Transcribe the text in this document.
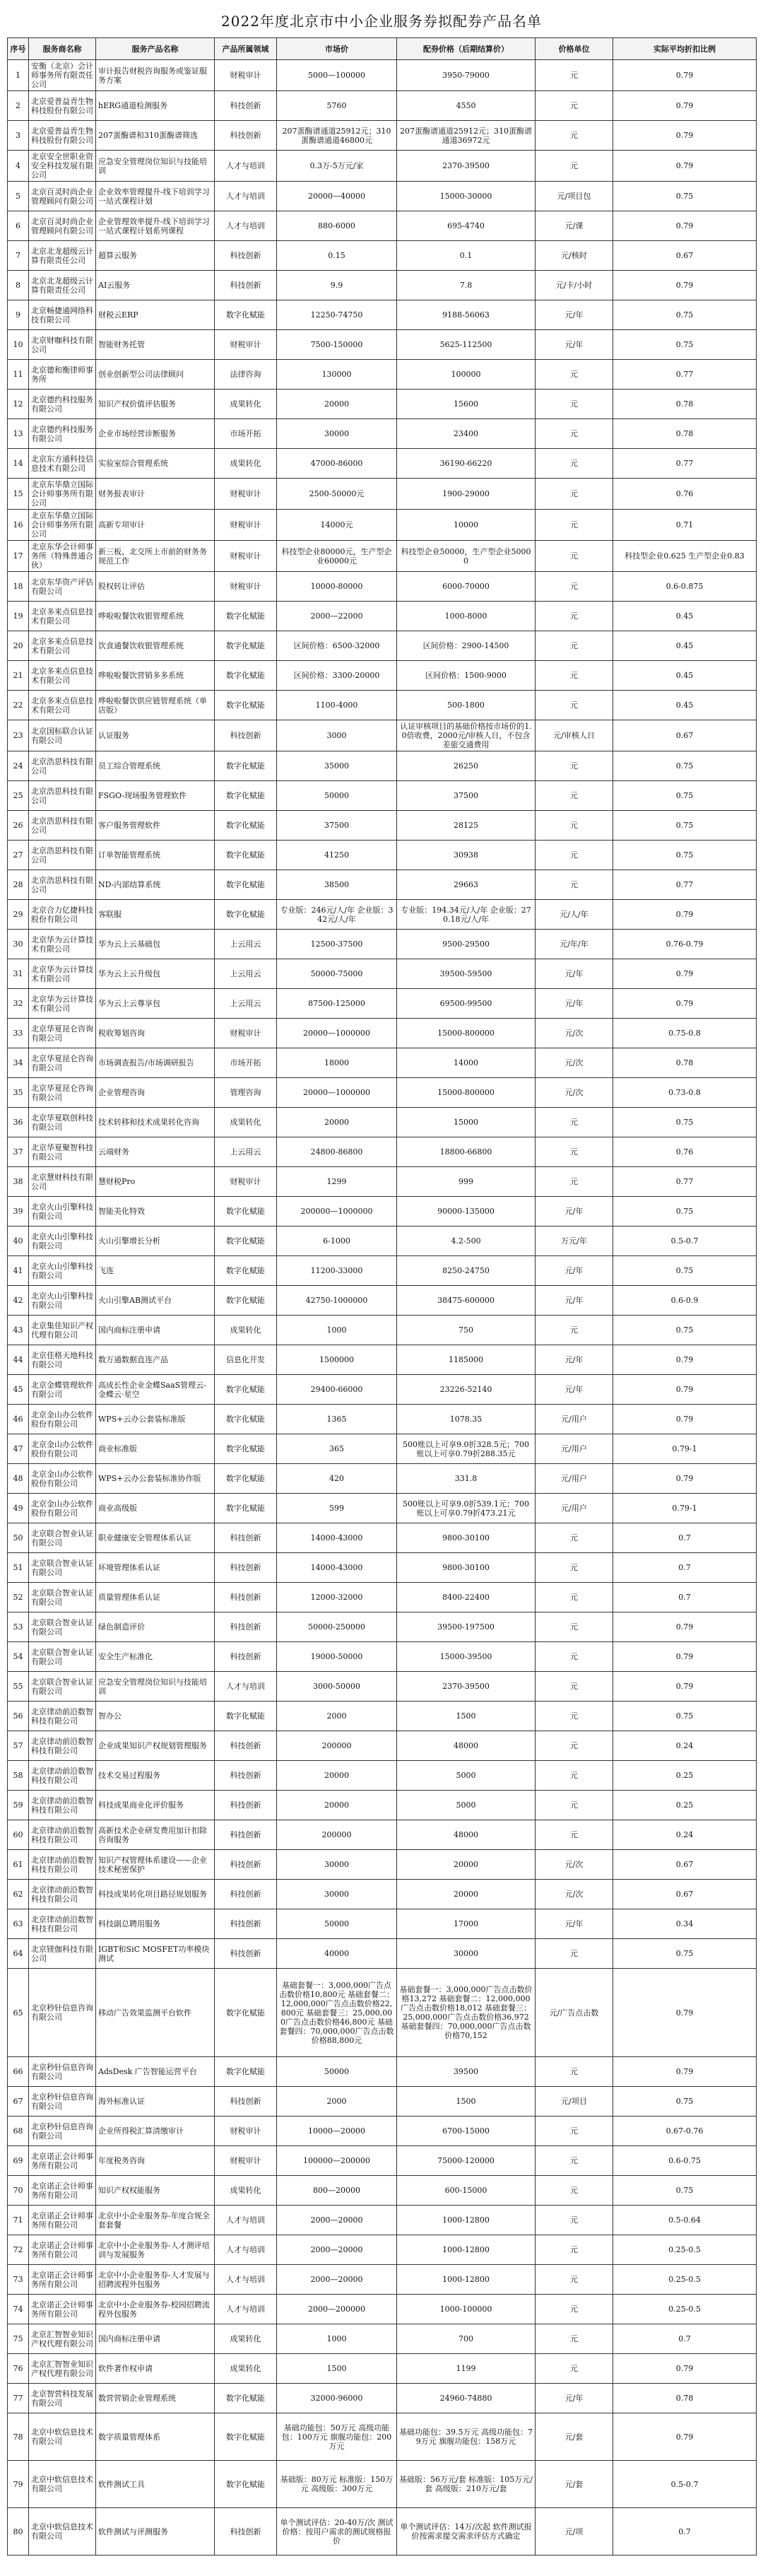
2022年度北京市中小企业服务券拟配券产品名单
序号	服务商名称	服务产品名称	产品所属领域	市场价	配券价格（后期结算价）	价格单位	实际平均折扣比例
1	安衡（北京）会计师事务所有限责任公司	审计报告财税咨询服务或鉴证服务方案	财税审计	5000—100000	3950-79000	元	0.79
2	北京爱普益青生物科技股份有限公司	hERG通道检测服务	科技创新	5760	4550	元	0.79
3	北京爱普益青生物科技股份有限公司	207蛋酶谱和310蛋酶谱筛选	科技创新	207蛋酶谱通道25912元；310蛋酶谱通道46800元	207蛋酶谱通道25912元；310蛋酶谱通道36972元	元	0.79
4	北京安全世职业资安全科技发展有限公司	应急安全管理岗位知识与技能培训	人才与培训	0.3万-5万元/家	2370-39500	元	0.79
5	北京百灵时尚企业管理顾问有限公司	企业效率管理提升-线下培训学习一站式课程计划	人才与培训	20000—40000	15000-30000	元/项目包	0.75
6	北京百灵时尚企业管理顾问有限公司	企业管理效率提升-线下培训学习一站式课程计划系列课程	人才与培训	880-6000	695-4740	元/课	0.79
7	北京北龙超级云计算有限责任公司	超算云服务	科技创新	0.15	0.1	元/核时	0.67
8	北京北龙超级云计算有限责任公司	AI云服务	科技创新	9.9	7.8	元/卡/小时	0.79
9	北京畅捷通网络科技有限公司	财税云ERP	数字化赋能	12250-74750	9188-56063	元/年	0.75
10	北京财咖科技有限公司	智能财务托管	财税审计	7500-150000	5625-112500	元/年	0.75
11	北京德和衡律师事务所	创业创新型公司法律顾问	法律咨询	130000	100000	元	0.77
12	北京德约科技服务有限公司	知识产权价值评估服务	成果转化	20000	15600	元	0.78
13	北京德约科技服务有限公司	企业市场经营诊断服务	市场开拓	30000	23400	元	0.78
14	北京东方通科技信息技术有限公司	实验室综合管理系统	成果转化	47000-86000	36190-66220	元	0.77
15	北京东华鼎立国际会计师事务所有限公司	财务报表审计	财税审计	2500-50000元	1900-29000	元	0.76
16	北京东华鼎立国际会计师事务所有限公司	高新专项审计	财税审计	14000元	10000	元	0.71
17	北京东华会计师事务所（特殊普通合伙）	新三板、北交所上市前的财务务规范工作	财税审计	科技型企业80000元，生产型企业60000元	科技型企业50000，生产型企业50000	元	科技型企业0.625 生产型企业0.83
18	北京东华资产评估有限公司	股权转让评估	财税审计	10000-80000	6000-70000	元	0.6-0.875
19	北京多来点信息技术有限公司	哗啦啦餐饮收银管理系统	数字化赋能	2000—22000	1000-8000	元	0.45
20	北京多来点信息技术有限公司	饮食通餐饮收银管理系统	数字化赋能	区间价格：6500-32000	区间价格：2900-14500	元	0.45
21	北京多来点信息技术有限公司	哗啦啦餐饮营销多多系统	数字化赋能	区间价格：3300-20000	区间价格：1500-9000	元	0.45
22	北京多来点信息技术有限公司	哗啦啦餐饮供应链管理系统（单店版）	数字化赋能	1100-4000	500-1800	元	0.45
23	北京国标联合认证有限公司	认证服务	科技创新	3000	认证审核项目的基础价格按市场价的1.0倍收费，2000元/审核人日，不包含差旅交通费用	元/审核人日	0.67
24	北京浩思科技有限公司	员工综合管理系统	数字化赋能	35000	26250	元	0.75
25	北京浩思科技有限公司	FSGO-现场服务管理软件	数字化赋能	50000	37500	元	0.75
26	北京浩思科技有限公司	客户服务管理软件	数字化赋能	37500	28125	元	0.75
27	北京浩思科技有限公司	订单智能管理系统	数字化赋能	41250	30938	元	0.75
28	北京浩思科技有限公司	ND-内部结算系统	数字化赋能	38500	29663	元	0.77
29	北京合力亿捷科技股份有限公司	客联服	数字化赋能	专业版：246元/人/年 企业版：342元/人/年	专业版：194.34元/人/年 企业版：270.18元/人/年	元/人/年	0.79
30	北京华为云计算技术有限公司	华为云上云基础包	上云用云	12500-37500	9500-29500	元/年/年	0.76-0.79
31	北京华为云计算技术有限公司	华为云上云升级包	上云用云	50000-75000	39500-59500	元/年	0.79
32	北京华为云计算技术有限公司	华为云上云尊享包	上云用云	87500-125000	69500-99500	元/年	0.79
33	北京华夏昆仑咨询有限公司	税收筹划咨询	财税审计	20000—1000000	15000-800000	元/次	0.75-0.8
34	北京华夏昆仑咨询有限公司	市场调查报告/市场调研报告	市场开拓	18000	14000	元/次	0.78
35	北京华夏昆仑咨询有限公司	企业管理咨询	管理咨询	20000—1000000	15000-800000	元/次	0.73-0.8
36	北京华夏联创科技有限公司	技术转移和技术成果转化咨询	成果转化	20000	15000	元	0.75
37	北京华夏聚智科技有限公司	云端财务	上云用云	24800-86800	18800-66800	元	0.76
38	北京慧财科技有限公司	慧财税Pro	财税审计	1299	999	元	0.77
39	北京火山引擎科技有限公司	智能美化特效	数字化赋能	200000—1000000	90000-135000	元/年	0.75
40	北京火山引擎科技有限公司	火山引擎增长分析	数字化赋能	6-1000	4.2-500	万元/年	0.5-0.7
41	北京火山引擎科技有限公司	飞连	数字化赋能	11200-33000	8250-24750	元/年	0.75
42	北京火山引擎科技有限公司	火山引擎AB测试平台	数字化赋能	42750-1000000	38475-600000	元/年	0.6-0.9
43	北京集佳知识产权代理有限公司	国内商标注册申请	成果转化	1000	750	元	0.75
44	北京佳格天地科技有限公司	数万通数据直连产品	信息化开发	1500000	1185000	元/年	0.79
45	北京金蝶管理软件有限公司	高成长性企业金蝶SaaS管理云-金蝶云·星空	数字化赋能	29400-66000	23226-52140	元/年	0.79
46	北京金山办公软件股份有限公司	WPS+云办公套装标准版	数字化赋能	1365	1078.35	元/用户	0.79
47	北京金山办公软件股份有限公司	商业标准版	数字化赋能	365	500账以上可享9.0折328.5元；700账以上可享0.79折288.35元	元/用户	0.79-1
48	北京金山办公软件股份有限公司	WPS+云办公套装标准协作版	数字化赋能	420	331.8	元/用户	0.79
49	北京金山办公软件股份有限公司	商业高级版	数字化赋能	599	500账以上可享9.0折539.1元；700账以上可享0.79折473.21元	元/用户	0.79-1
50	北京联合智业认证有限公司	职业健康安全管理体系认证	科技创新	14000-43000	9800-30100	元	0.7
51	北京联合智业认证有限公司	环境管理体系认证	科技创新	14000-43000	9800-30100	元	0.7
52	北京联合智业认证有限公司	质量管理体系认证	科技创新	12000-32000	8400-22400	元	0.7
53	北京联合智业认证有限公司	绿色制造评价	科技创新	50000-250000	39500-197500	元	0.79
54	北京联合智业认证有限公司	安全生产标准化	科技创新	19000-50000	15000-39500	元	0.79
55	北京联合智业认证有限公司	应急安全管理岗位知识与技能培训	人才与培训	3000-50000	2370-39500	元	0.79
56	北京律动前沿数智科技有限公司	智办公	数字化赋能	2000	1500	元	0.75
57	北京律动前沿数智科技有限公司	企业成果知识产权规划管理服务	科技创新	200000	48000	元	0.24
58	北京律动前沿数智科技有限公司	技术交易过程服务	科技创新	20000	5000	元	0.25
59	北京律动前沿数智科技有限公司	科技成果商业化评价服务	科技创新	20000	5000	元	0.25
60	北京律动前沿数智科技有限公司	高新技术企业研发费用加计扣除咨询服务	科技创新	200000	48000	元	0.24
61	北京律动前沿数智科技有限公司	知识产权管理体系建设——企业技术秘密保护	科技创新	30000	20000	元/次	0.67
62	北京律动前沿数智科技有限公司	科技成果转化项目路径规划服务	科技创新	30000	20000	元/次	0.67
63	北京律动前沿数智科技有限公司	科技副总聘用服务	科技创新	50000	17000	元/年	0.34
64	北京镁伽科技有限公司	IGBT和SiC MOSFET功率模块测试	科技创新	40000	30000	元	0.75
65	北京秒针信息咨询有限公司	移动广告效果监测平台软件	数字化赋能	基础套餐一：3,000,000广告点击数价格10,800元 基础套餐二：12,000,000广告点击数价格22,800元 基础套餐三：25,000,000广告点击数价格46,800元 基础套餐四：70,000,000广告点击数价格88,800元	基础套餐一：3,000,000广告点击数价格13,272 基础套餐二：12,000,000广告点击数价格18,012 基础套餐三：25,000,000广告点击数价格36,972 基础套餐四：70,000,000广告点击数价格70,152	元/广告点击数	0.79
66	北京秒针信息咨询有限公司	AdsDesk 广告智能运营平台	数字化赋能	50000	39500	元	0.79
67	北京秒针信息咨询有限公司	海外标准认证	科技创新	2000	1500	元/项目	0.75
68	北京秒针信息咨询有限公司	企业所得税汇算清缴审计	财税审计	10000—20000	6700-15000	元	0.67-0.76
69	北京诺正会计师事务所有限公司	年度税务咨询	财税审计	100000—200000	75000-120000	元	0.6-0.75
70	北京诺正会计师事务所有限公司	知识产权权能服务	成果转化	800—20000	600-15000	元	0.75
71	北京诺正会计师事务所有限公司	北京中小企业服务券-年度合规全套套餐	人才与培训	2000—20000	1000-12800	元	0.5-0.64
72	北京诺正会计师事务所有限公司	北京中小企业服务券-人才测评培训与发展服务	人才与培训	2000—20000	1000-12800	元	0.25-0.5
73	北京诺正会计师事务所有限公司	北京中小企业服务券-人才发展与招聘流程外包服务	人才与培训	2000—20000	1000-12800	元	0.25-0.5
74	北京诺正会计师事务所有限公司	北京中小企业服务券-校园招聘流程外包服务	人才与培训	2000—200000	1000-100000	元	0.25-0.5
75	北京汇智智业知识产权代理有限公司	国内商标注册申请	成果转化	1000	700	元	0.7
76	北京汇智智业知识产权代理有限公司	软件著作权申请	成果转化	1500	1199	元	0.79
77	北京智营科技发展有限公司	数营营销企业管理系统	数字化赋能	32000-96000	24960-74880	元/年	0.78
78	北京中软信息技术有限公司	数字质量管理体系	数字化赋能	基础功能包：50万元 高级功能包：100万元 旗舰功能包：200万元	基础功能包：39.5万元 高级功能包：79万元 旗舰功能包：158万元	元/套	0.79
79	北京中软信息技术有限公司	软件测试工具	数字化赋能	基础版：80万元 标准版：150万元 高级版：300万元	基础版：56万元/套 标准版：105万元/套 高级版：210万元/套	元/套	0.5-0.7
80	北京中软信息技术有限公司	软件测试与评测服务	科技创新	单个测试评估：20-40万/次 测试价格：按用户需求的测试规格报价	单个测试评估：14万/次起 软件测试报价按需求提交需求评估方式确定	元/项	0.7
